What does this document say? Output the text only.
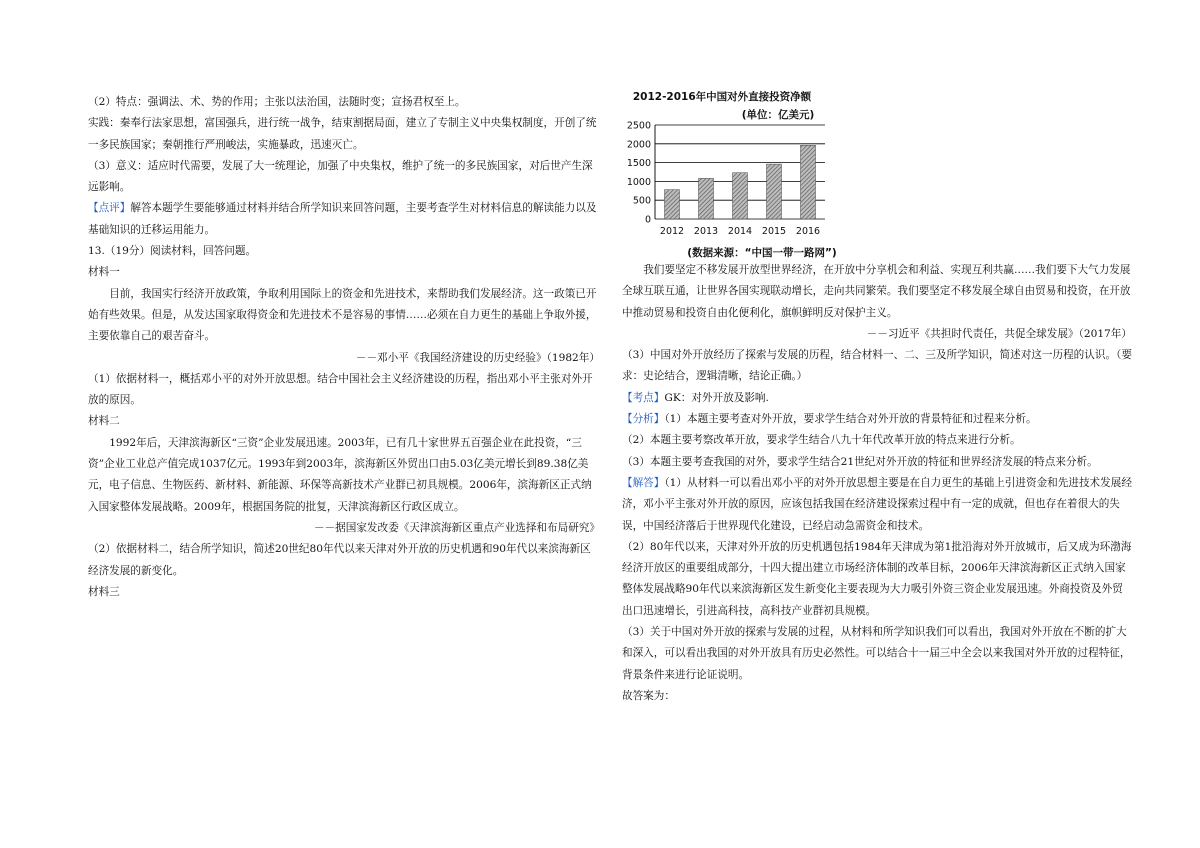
（2）特点：强调法、术、势的作用；主张以法治国，法随时变；宣扬君权至上。

实践：秦奉行法家思想，富国强兵，进行统一战争，结束割据局面，建立了专制主义中央集权制度，开创了统一多民族国家；秦朝推行严刑峻法，实施暴政，迅速灭亡。

（3）意义：适应时代需要，发展了大一统理论，加强了中央集权，维护了统一的多民族国家，对后世产生深远影响。

【点评】解答本题学生要能够通过材料并结合所学知识来回答问题，主要考查学生对材料信息的解读能力以及基础知识的迁移运用能力。

13.（19分）阅读材料，回答问题。

材料一

目前，我国实行经济开放政策，争取利用国际上的资金和先进技术，来帮助我们发展经济。这一政策已开始有些效果。但是，从发达国家取得资金和先进技术不是容易的事情……必须在自力更生的基础上争取外援，主要依靠自己的艰苦奋斗。

－－邓小平《我国经济建设的历史经验》（1982年）

（1）依据材料一，概括邓小平的对外开放思想。结合中国社会主义经济建设的历程，指出邓小平主张对外开放的原因。

材料二

1992年后，天津滨海新区“三资”企业发展迅速。2003年，已有几十家世界五百强企业在此投资，“三资”企业工业总产值完成1037亿元。1993年到2003年，滨海新区外贸出口由5.03亿美元增长到89.38亿美元，电子信息、生物医药、新材料、新能源、环保等高新技术产业群已初具规模。2006年，滨海新区正式纳入国家整体发展战略。2009年，根据国务院的批复，天津滨海新区行政区成立。

－－据国家发改委《天津滨海新区重点产业选择和布局研究》

（2）依据材料二，结合所学知识，简述20世纪80年代以来天津对外开放的历史机遇和90年代以来滨海新区经济发展的新变化。

材料三

2012-2016年中国对外直接投资净额
(单位：亿美元)
0
500
1000
1500
2000
2500
2012 2013 2014 2015 2016
(数据来源：“中国一带一路网”)

我们要坚定不移发展开放型世界经济，在开放中分享机会和利益、实现互利共赢……我们要下大气力发展全球互联互通，让世界各国实现联动增长，走向共同繁荣。我们要坚定不移发展全球自由贸易和投资，在开放中推动贸易和投资自由化便利化，旗帜鲜明反对保护主义。

－－习近平《共担时代责任，共促全球发展》（2017年）

（3）中国对外开放经历了探索与发展的历程，结合材料一、二、三及所学知识，简述对这一历程的认识。（要求：史论结合，逻辑清晰，结论正确。）

【考点】GK：对外开放及影响.

【分析】（1）本题主要考查对外开放，要求学生结合对外开放的背景特征和过程来分析。

（2）本题主要考察改革开放，要求学生结合八九十年代改革开放的特点来进行分析。

（3）本题主要考查我国的对外，要求学生结合21世纪对外开放的特征和世界经济发展的特点来分析。

【解答】（1）从材料一可以看出邓小平的对外开放思想主要是在自力更生的基础上引进资金和先进技术发展经济，邓小平主张对外开放的原因，应该包括我国在经济建设探索过程中有一定的成就，但也存在着很大的失误，中国经济落后于世界现代化建设，已经启动急需资金和技术。

（2）80年代以来，天津对外开放的历史机遇包括1984年天津成为第1批沿海对外开放城市，后又成为环渤海经济开放区的重要组成部分，十四大提出建立市场经济体制的改革目标，2006年天津滨海新区正式纳入国家整体发展战略90年代以来滨海新区发生新变化主要表现为大力吸引外资三资企业发展迅速。外商投资及外贸出口迅速增长，引进高科技，高科技产业群初具规模。

（3）关于中国对外开放的探索与发展的过程，从材料和所学知识我们可以看出，我国对外开放在不断的扩大和深入，可以看出我国的对外开放具有历史必然性。可以结合十一届三中全会以来我国对外开放的过程特征，背景条件来进行论证说明。

故答案为：
